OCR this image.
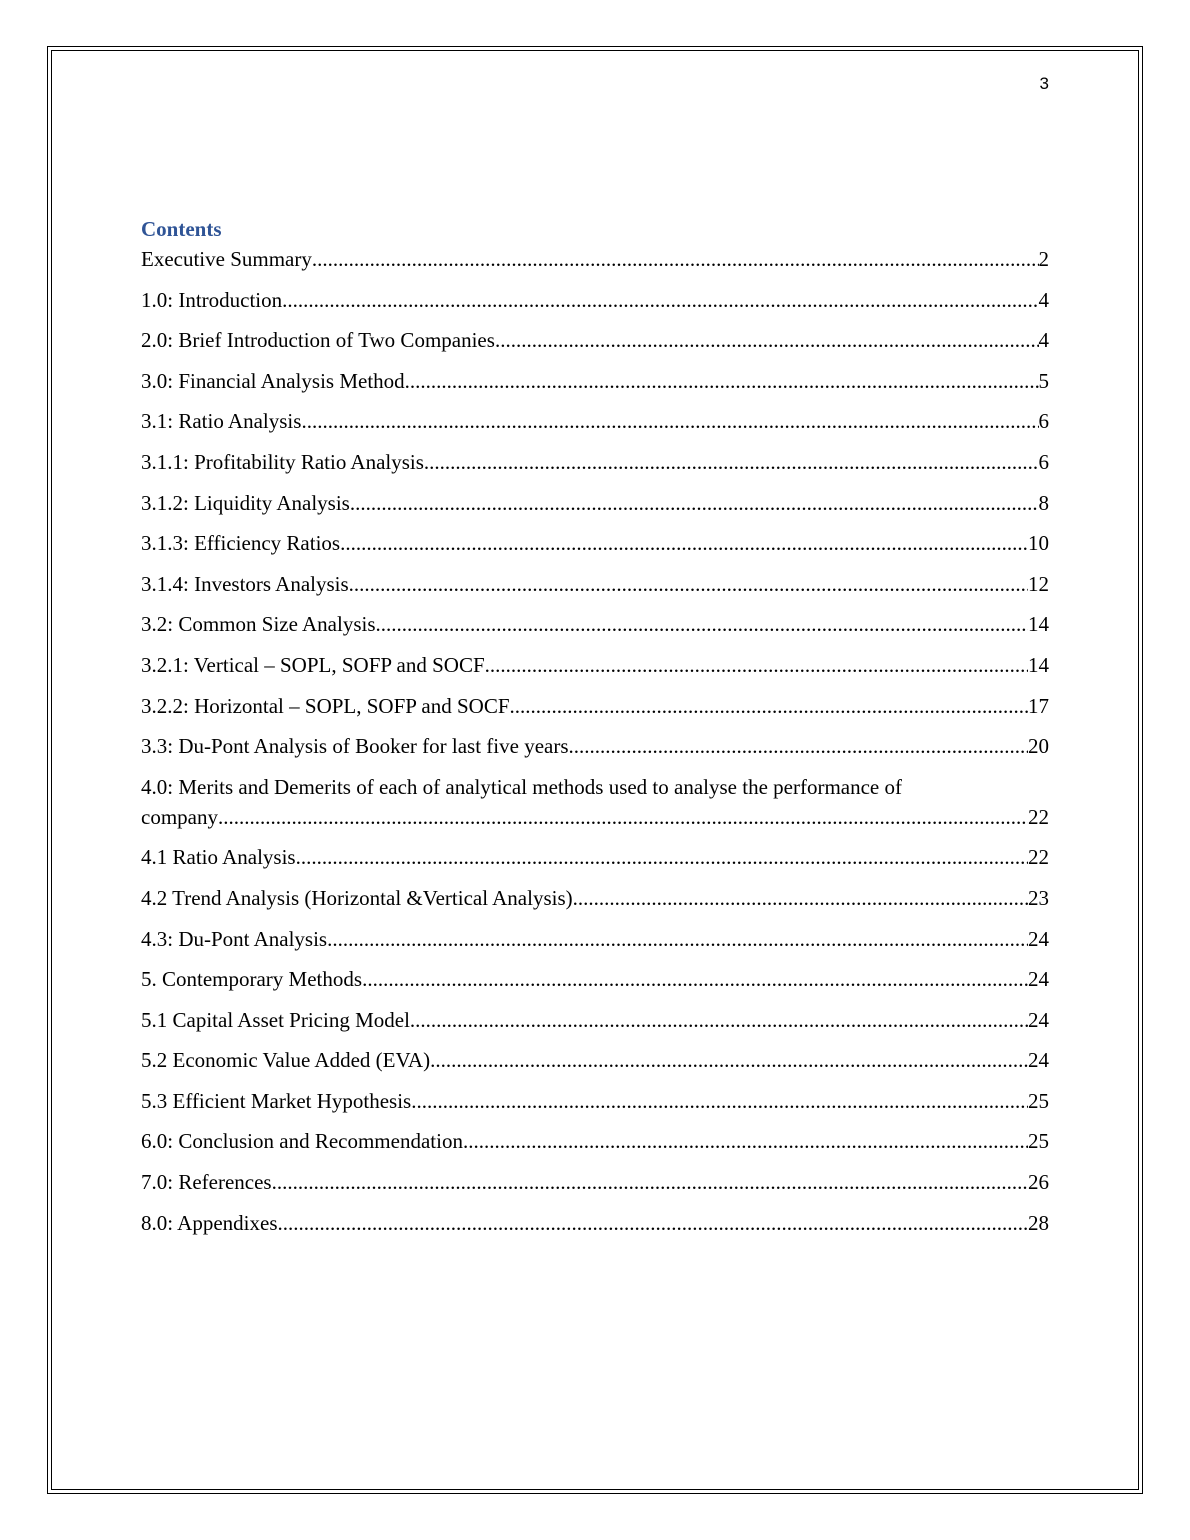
3
Contents
Executive Summary .....	2
1.0: Introduction .....	4
2.0: Brief Introduction of Two Companies .....	4
3.0: Financial Analysis Method .....	5
3.1: Ratio Analysis .....	6
3.1.1: Profitability Ratio Analysis .....	6
3.1.2: Liquidity Analysis .....	8
3.1.3: Efficiency Ratios .....	10
3.1.4: Investors Analysis .....	12
3.2: Common Size Analysis .....	14
3.2.1: Vertical – SOPL, SOFP and SOCF .....	14
3.2.2: Horizontal – SOPL, SOFP and SOCF .....	17
3.3: Du-Pont Analysis of Booker for last five years .....	20
4.0: Merits and Demerits of each of analytical methods used to analyse the performance of
company .....	22
4.1 Ratio Analysis .....	22
4.2 Trend Analysis (Horizontal &Vertical Analysis) .....	23
4.3: Du-Pont Analysis .....	24
5. Contemporary Methods .....	24
5.1 Capital Asset Pricing Model .....	24
5.2 Economic Value Added (EVA) .....	24
5.3 Efficient Market Hypothesis .....	25
6.0: Conclusion and Recommendation .....	25
7.0: References .....	26
8.0: Appendixes .....	28
